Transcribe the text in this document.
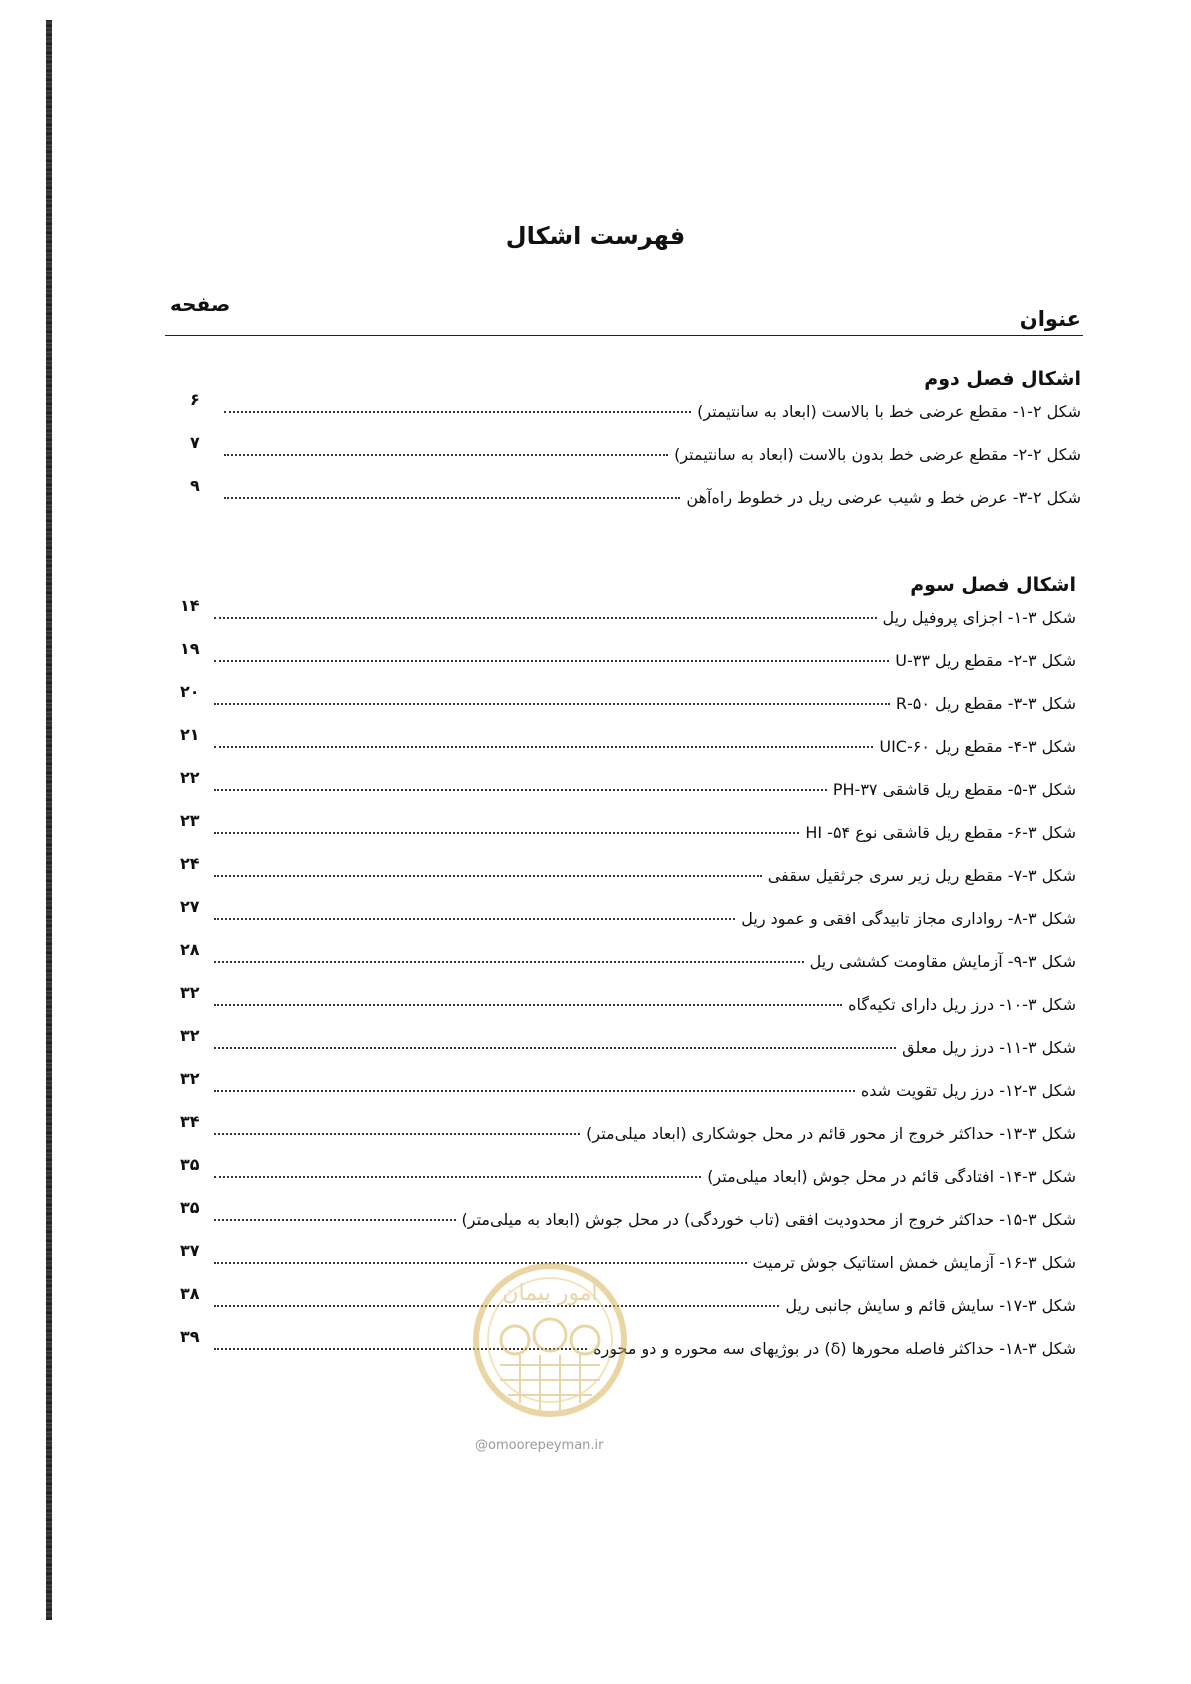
فهرست اشکال
صفحه
عنوان
اشکال فصل دوم
شکل ۲-۱- مقطع عرضی خط با بالاست (ابعاد به سانتیمتر)
۶
شکل ۲-۲- مقطع عرضی خط بدون بالاست (ابعاد به سانتیمتر)
۷
شکل ۲-۳- عرض خط و شیب عرضی ریل در خطوط راه‌آهن
۹
اشکال فصل سوم
شکل ۳-۱- اجزای پروفیل ریل
۱۴
شکل ۳-۲- مقطع ریل ۳۳-U
۱۹
شکل ۳-۳- مقطع ریل ۵۰-R
۲۰
شکل ۳-۴- مقطع ریل UIC-۶۰
۲۱
شکل ۳-۵- مقطع ریل قاشقی ۳۷-PH
۲۲
شکل ۳-۶- مقطع ریل قاشقی نوع ۵۴- HI
۲۳
شکل ۳-۷- مقطع ریل زیر سری جرثقیل سقفی
۲۴
شکل ۳-۸- رواداری مجاز تابیدگی افقی و عمود ریل
۲۷
شکل ۳-۹- آزمایش مقاومت کششی ریل
۲۸
شکل ۳-۱۰- درز ریل دارای تکیه‌گاه
۳۲
شکل ۳-۱۱- درز ریل معلق
۳۲
شکل ۳-۱۲- درز ریل تقویت شده
۳۲
شکل ۳-۱۳- حداکثر خروج از محور قائم در محل جوشکاری (ابعاد میلی‌متر)
۳۴
شکل ۳-۱۴- افتادگی قائم در محل جوش (ابعاد میلی‌متر)
۳۵
شکل ۳-۱۵- حداکثر خروج از محدودیت افقی (تاب خوردگی) در محل جوش (ابعاد به میلی‌متر)
۳۵
شکل ۳-۱۶- آزمایش خمش استاتیک جوش ترمیت
۳۷
شکل ۳-۱۷- سایش قائم و سایش جانبی ریل
۳۸
شکل ۳-۱۸- حداکثر فاصله محورها (δ) در بوژیهای سه محوره و دو محوره
۳۹
امور پیمان
@omoorepeyman.ir
